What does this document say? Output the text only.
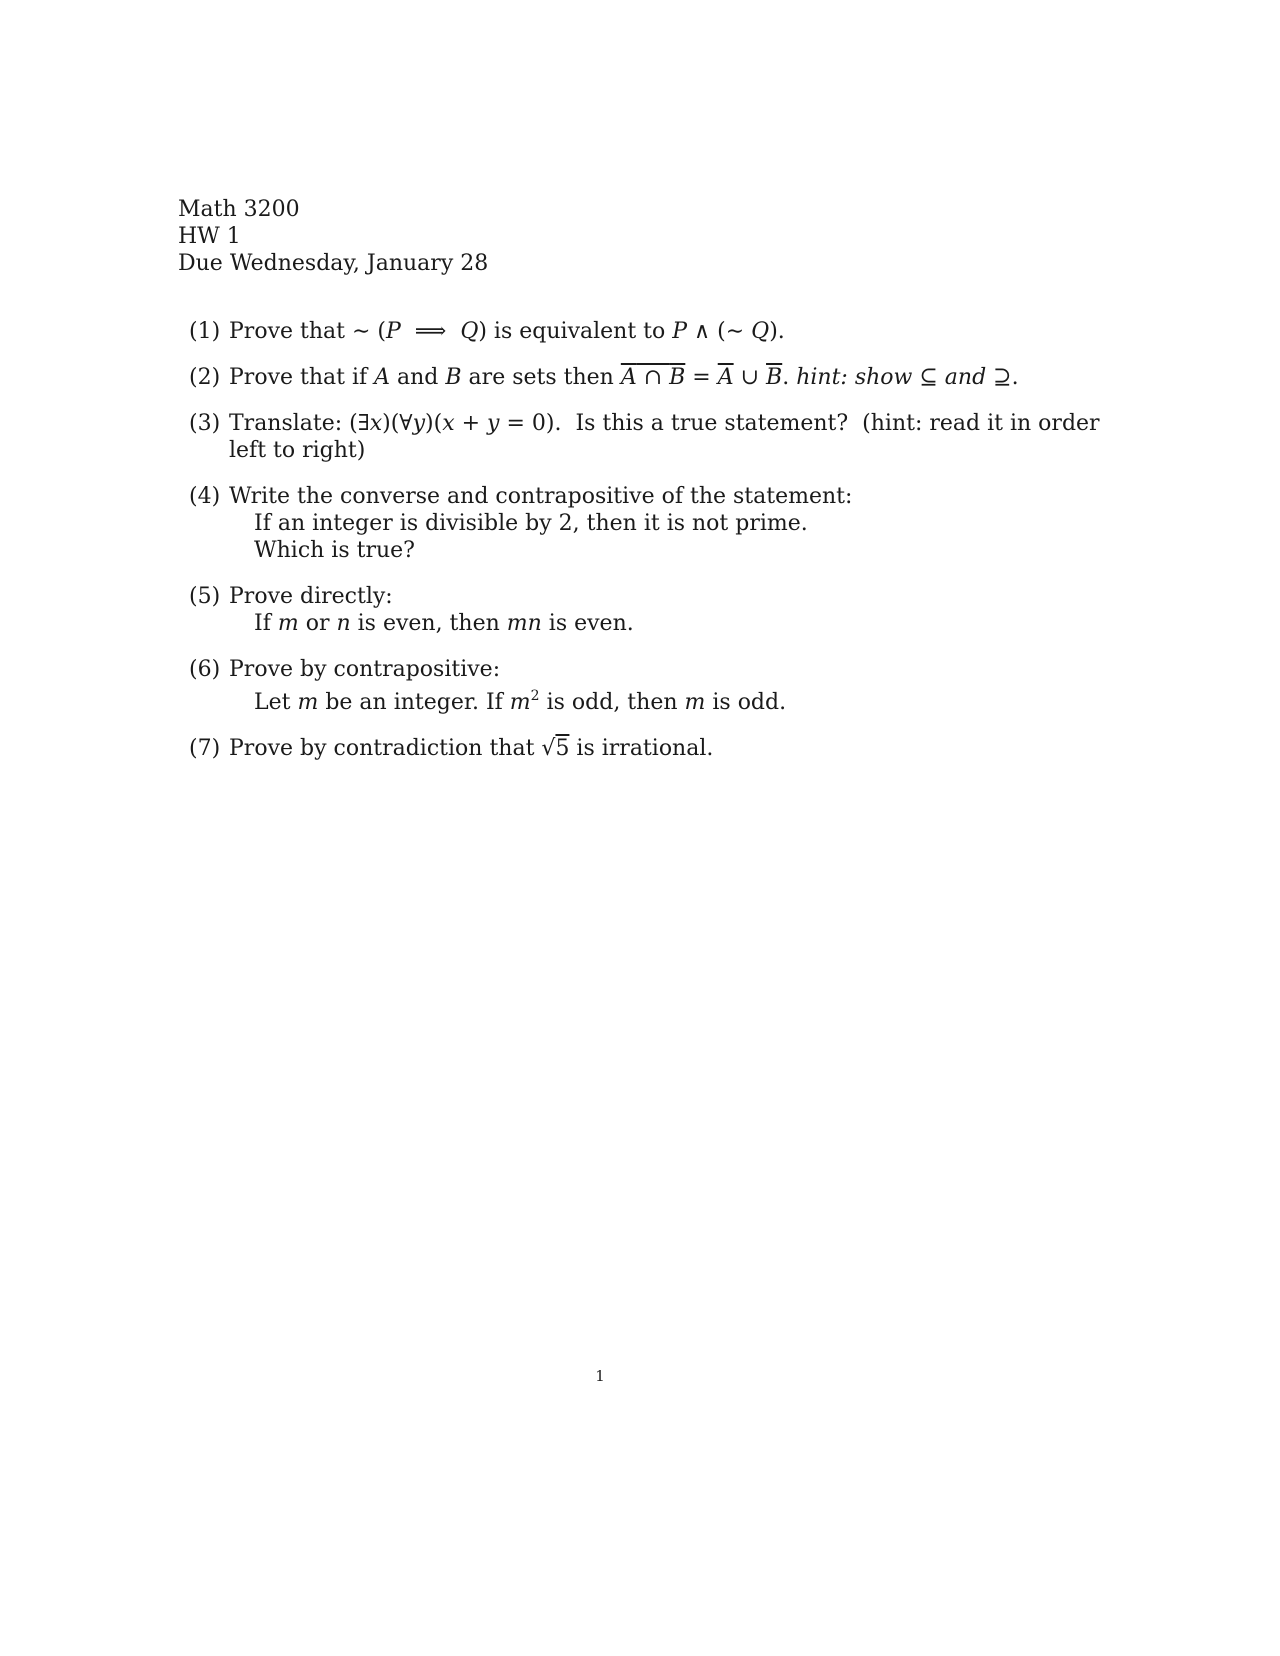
Math 3200
HW 1
Due Wednesday, January 28
(1) Prove that ∼ (P  ⟹  Q) is equivalent to P ∧ (∼ Q).
(2) Prove that if A and B are sets then A ∩ $B = \overline{A}$ ∪ $\overline{B}$. hint: show ⊆ and ⊇.
(3) Translate: (∃x)(∀y)(x + y = 0).  Is this a true statement?  (hint: read it in order
left to right)
(4) Write the converse and contrapositive of the statement:
If an integer is divisible by 2, then it is not prime.
Which is true?
(5) Prove directly:
If m or n is even, then mn is even.
(6) Prove by contrapositive:
Let m be an integer. If $m^2$ is odd, then m is odd.
(7) Prove by contradiction that √5 is irrational.
1
